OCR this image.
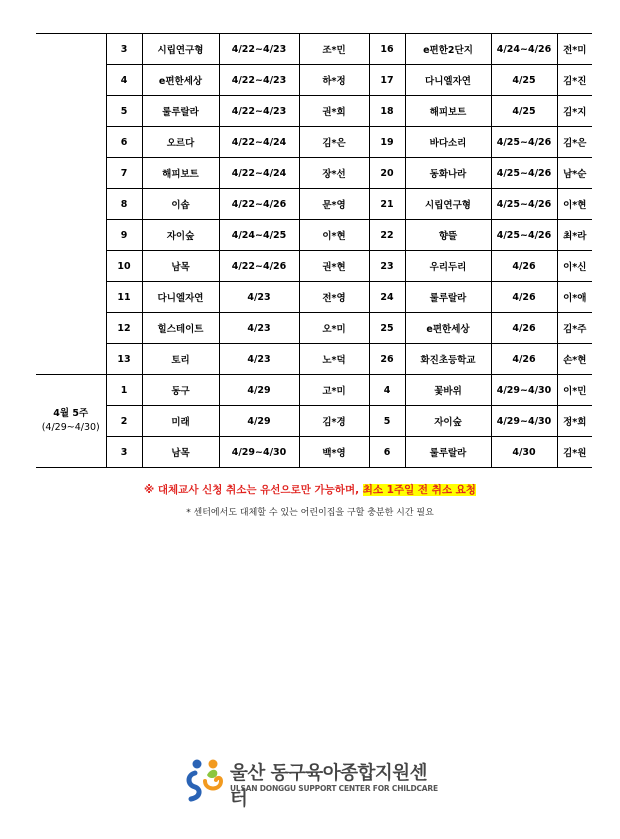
	3	시립연구형	4/22~4/23	조*민	16	e편한2단지	4/24~4/26	전*미
	4	e편한세상	4/22~4/23	하*정	17	다니엘자연	4/25	김*진
	5	룰루랄라	4/22~4/23	권*희	18	해피보트	4/25	김*지
	6	오르다	4/22~4/24	김*은	19	바다소리	4/25~4/26	김*은
	7	해피보트	4/22~4/24	장*선	20	동화나라	4/25~4/26	남*순
	8	이솝	4/22~4/26	문*영	21	시립연구형	4/25~4/26	이*현
	9	자이숲	4/24~4/25	이*현	22	향뜰	4/25~4/26	최*라
	10	남목	4/22~4/26	권*현	23	우리두리	4/26	이*신
	11	다니엘자연	4/23	전*영	24	룰루랄라	4/26	이*애
	12	힐스테이트	4/23	오*미	25	e편한세상	4/26	김*주
	13	토리	4/23	노*덕	26	화진초등학교	4/26	손*현

4월 5주
(4/29~4/30)	1	동구	4/29	고*미	4	꽃바위	4/29~4/30	이*민
	2	미래	4/29	김*경	5	자이숲	4/29~4/30	정*희
	3	남목	4/29~4/30	백*영	6	룰루랄라	4/30	김*원
※ 대체교사 신청 취소는 유선으로만 가능하며, 최소 1주일 전 취소 요청
* 센터에서도 대체할 수 있는 어린이집을 구할 충분한 시간 필요
울산 동구육아종합지원센터
ULSAN DONGGU SUPPORT CENTER FOR CHILDCARE
